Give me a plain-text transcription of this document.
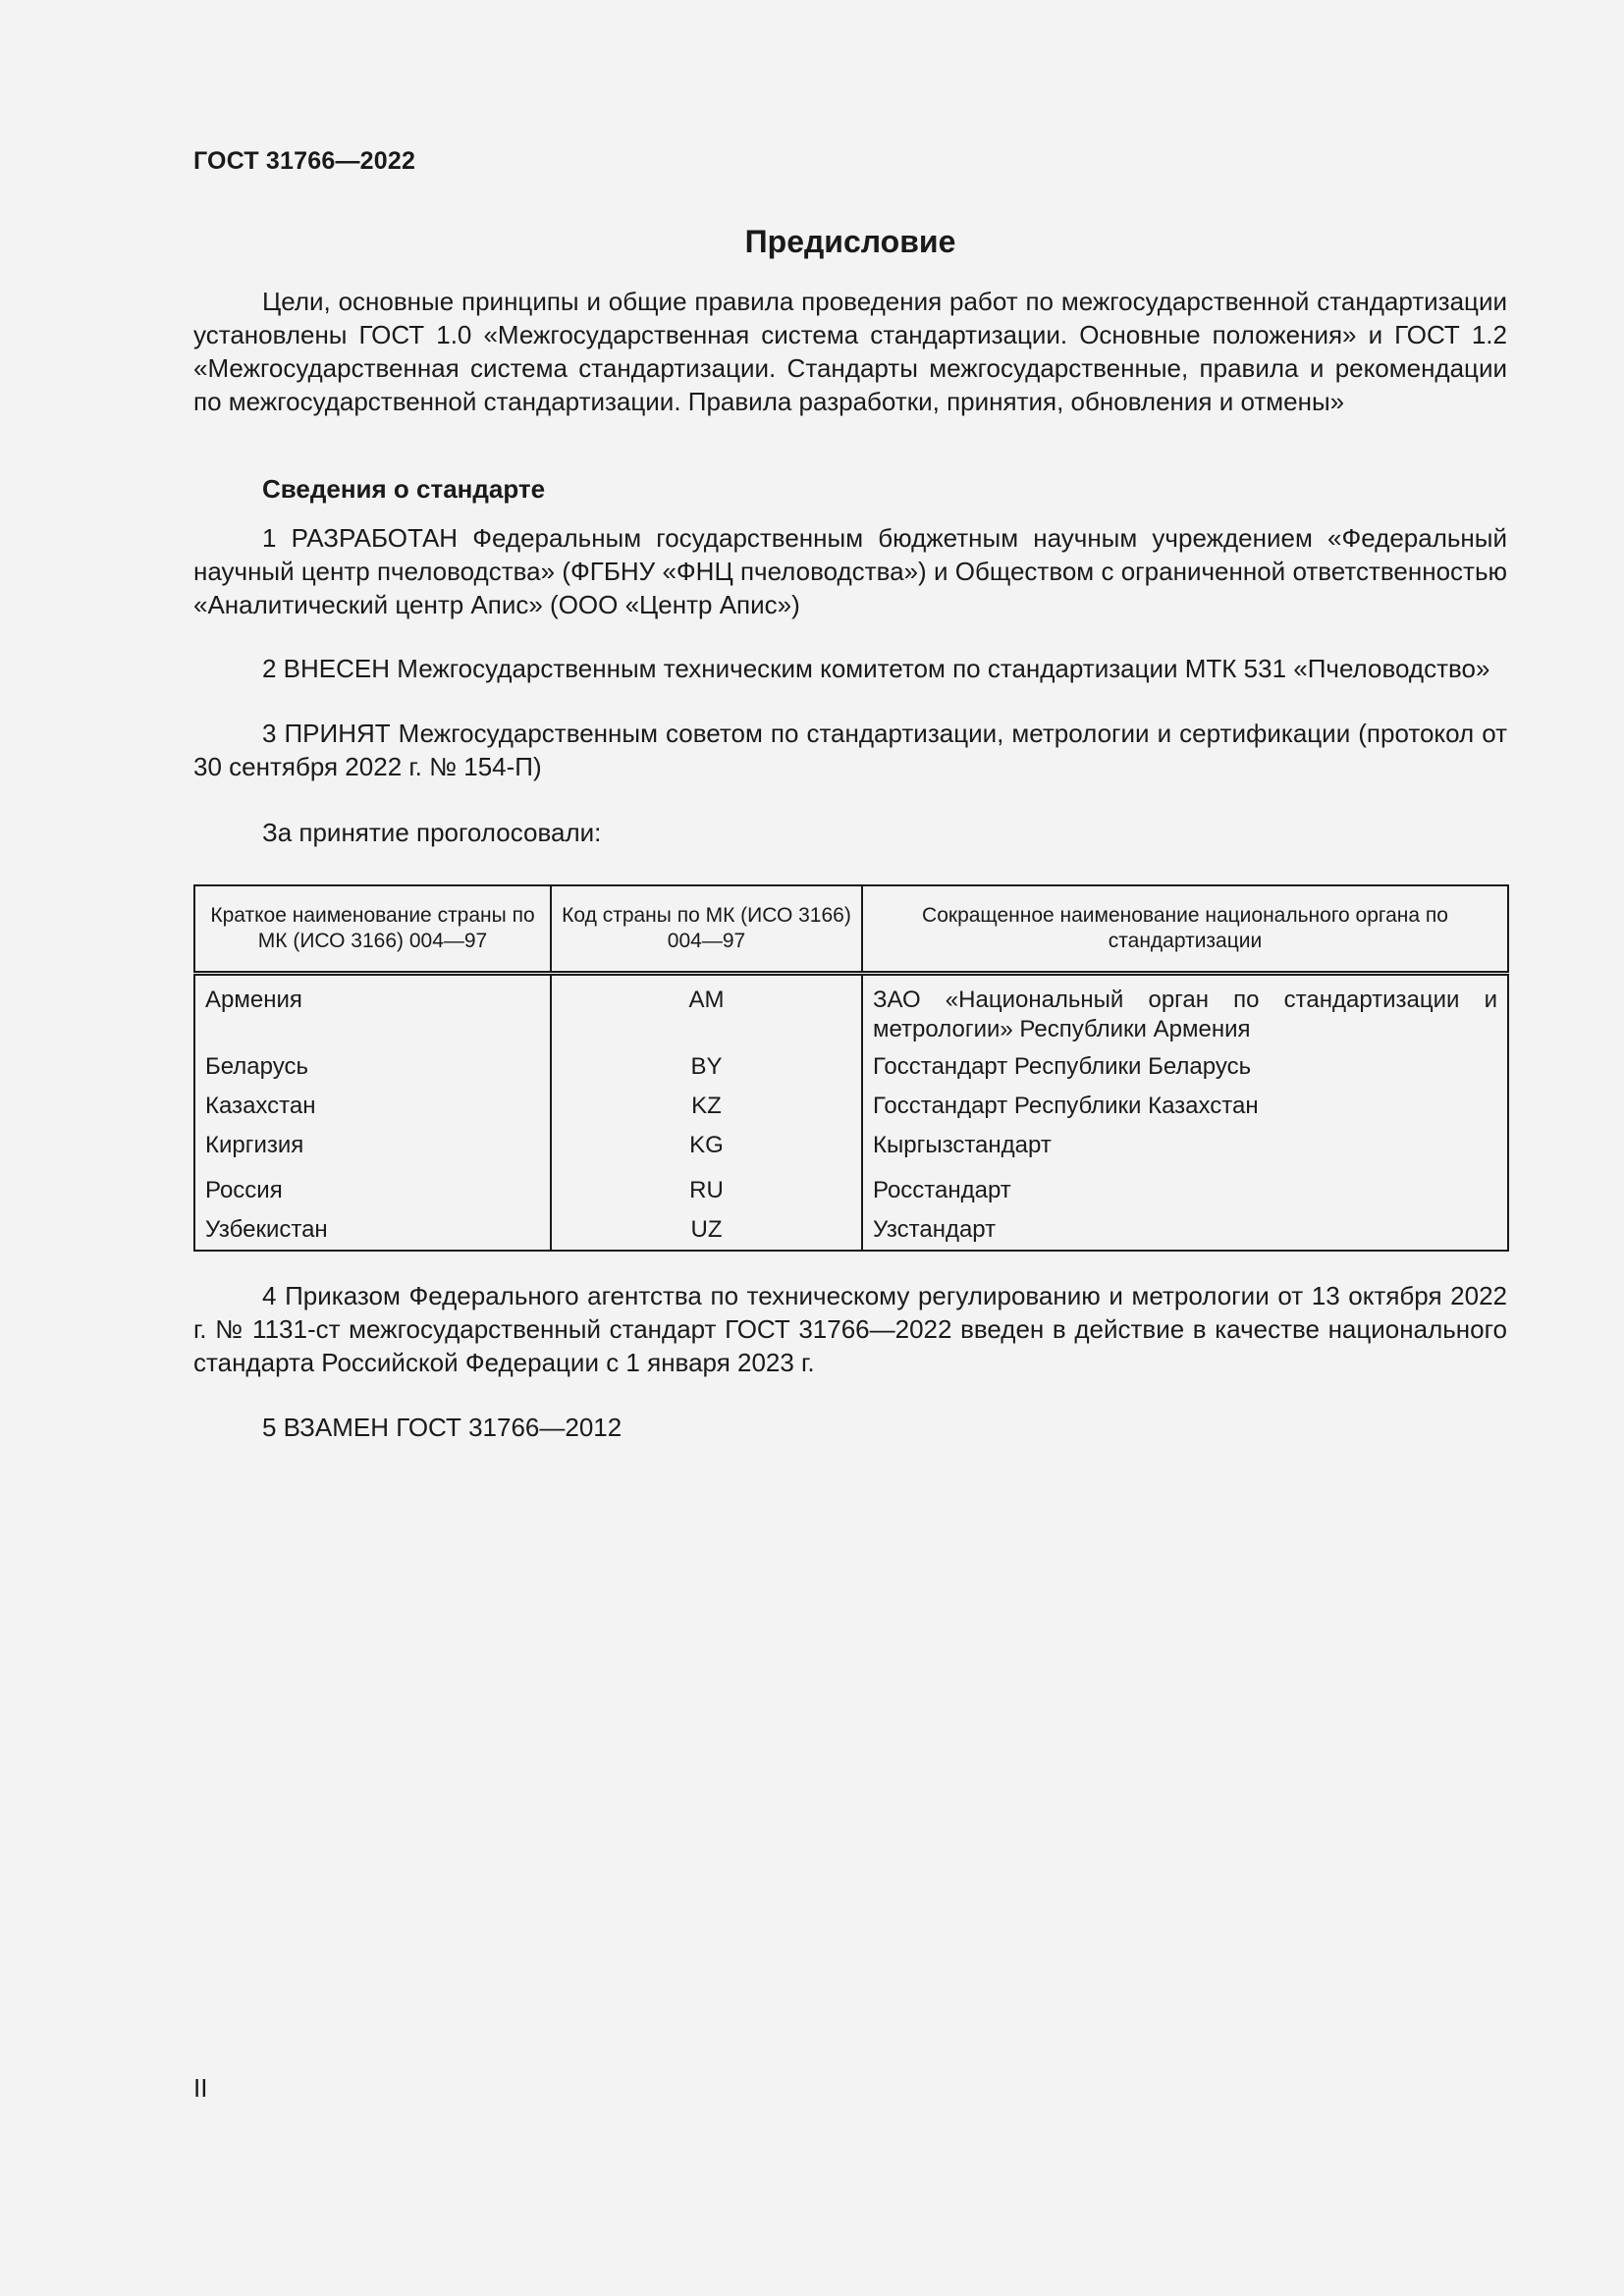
ГОСТ 31766—2022
Предисловие

Цели, основные принципы и общие правила проведения работ по межгосударственной стандартизации установлены ГОСТ 1.0 «Межгосударственная система стандартизации. Основные положения» и ГОСТ 1.2 «Межгосударственная система стандартизации. Стандарты межгосударственные, правила и рекомендации по межгосударственной стандартизации. Правила разработки, принятия, обновления и отмены»

Сведения о стандарте

1 РАЗРАБОТАН Федеральным государственным бюджетным научным учреждением «Федеральный научный центр пчеловодства» (ФГБНУ «ФНЦ пчеловодства») и Обществом с ограниченной ответственностью «Аналитический центр Апис» (ООО «Центр Апис»)

2 ВНЕСЕН Межгосударственным техническим комитетом по стандартизации МТК 531 «Пчеловодство»

3 ПРИНЯТ Межгосударственным советом по стандартизации, метрологии и сертификации (протокол от 30 сентября 2022 г. № 154-П)

За принятие проголосовали:

Краткое наименование страны по МК (ИСО 3166) 004—97	Код страны по МК (ИСО 3166) 004—97	Сокращенное наименование национального органа по стандартизации
Армения	AM	ЗАО «Национальный орган по стандартизации и метрологии» Республики Армения
Беларусь	BY	Госстандарт Республики Беларусь
Казахстан	KZ	Госстандарт Республики Казахстан
Киргизия	KG	Кыргызстандарт
Россия	RU	Росстандарт
Узбекистан	UZ	Узстандарт

4 Приказом Федерального агентства по техническому регулированию и метрологии от 13 октября 2022 г. № 1131-ст межгосударственный стандарт ГОСТ 31766—2022 введен в действие в качестве национального стандарта Российской Федерации с 1 января 2023 г.

5 ВЗАМЕН ГОСТ 31766—2012

II
